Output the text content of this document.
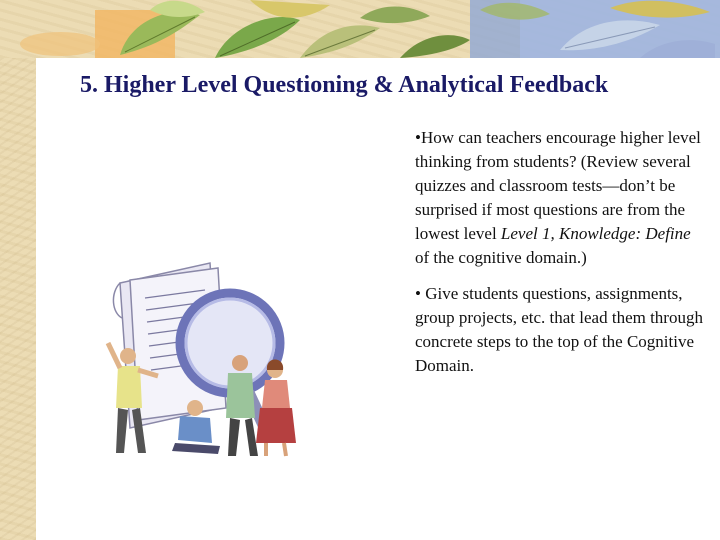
5. Higher Level Questioning & Analytical Feedback

•How can teachers encourage higher level thinking from students? (Review several quizzes and classroom tests—don’t be surprised if most questions are from the lowest level Level 1, Knowledge: Define of the cognitive domain.)

• Give students questions, assignments, group projects, etc. that lead them through concrete steps to the top of the Cognitive Domain.
